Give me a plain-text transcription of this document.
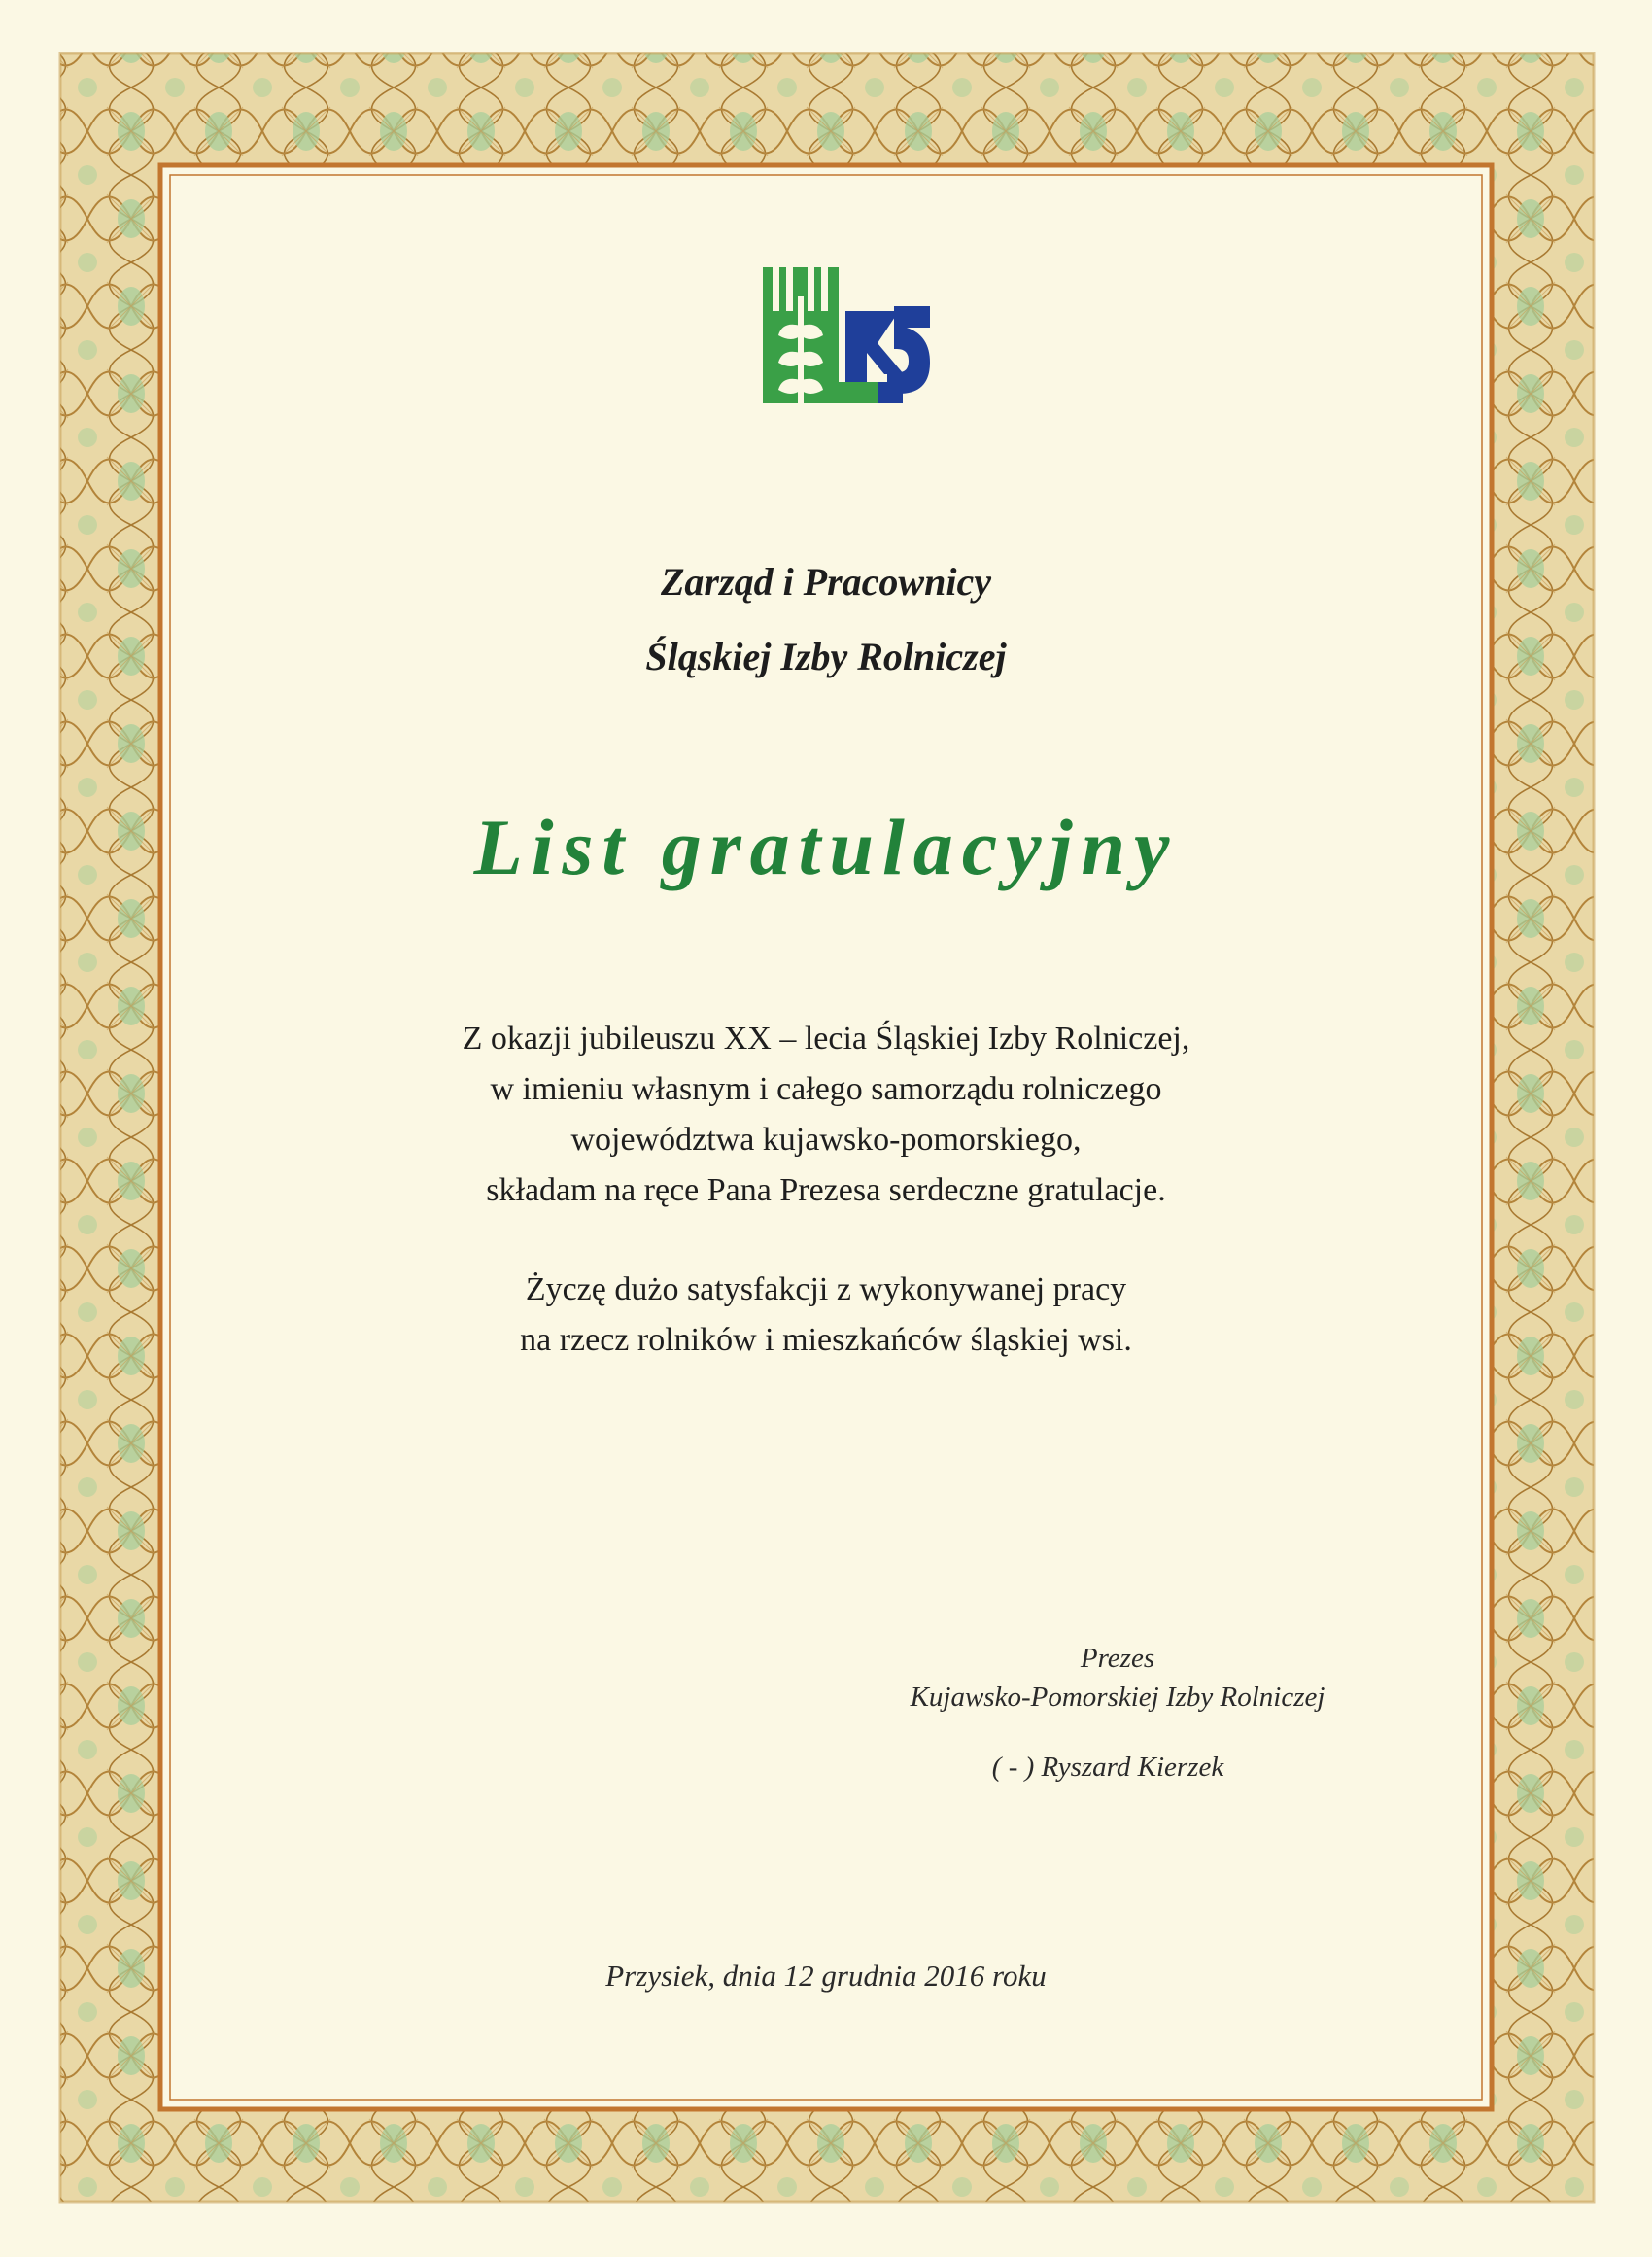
Zarząd i Pracownicy
Śląskiej Izby Rolniczej
List gratulacyjny
Z okazji jubileuszu XX – lecia Śląskiej Izby Rolniczej,
w imieniu własnym i całego samorządu rolniczego
województwa kujawsko-pomorskiego,
składam na ręce Pana Prezesa serdeczne gratulacje.
Życzę dużo satysfakcji z wykonywanej pracy
na rzecz rolników i mieszkańców śląskiej wsi.
Prezes
Kujawsko-Pomorskiej Izby Rolniczej
( - ) Ryszard Kierzek
Przysiek, dnia 12 grudnia 2016 roku
